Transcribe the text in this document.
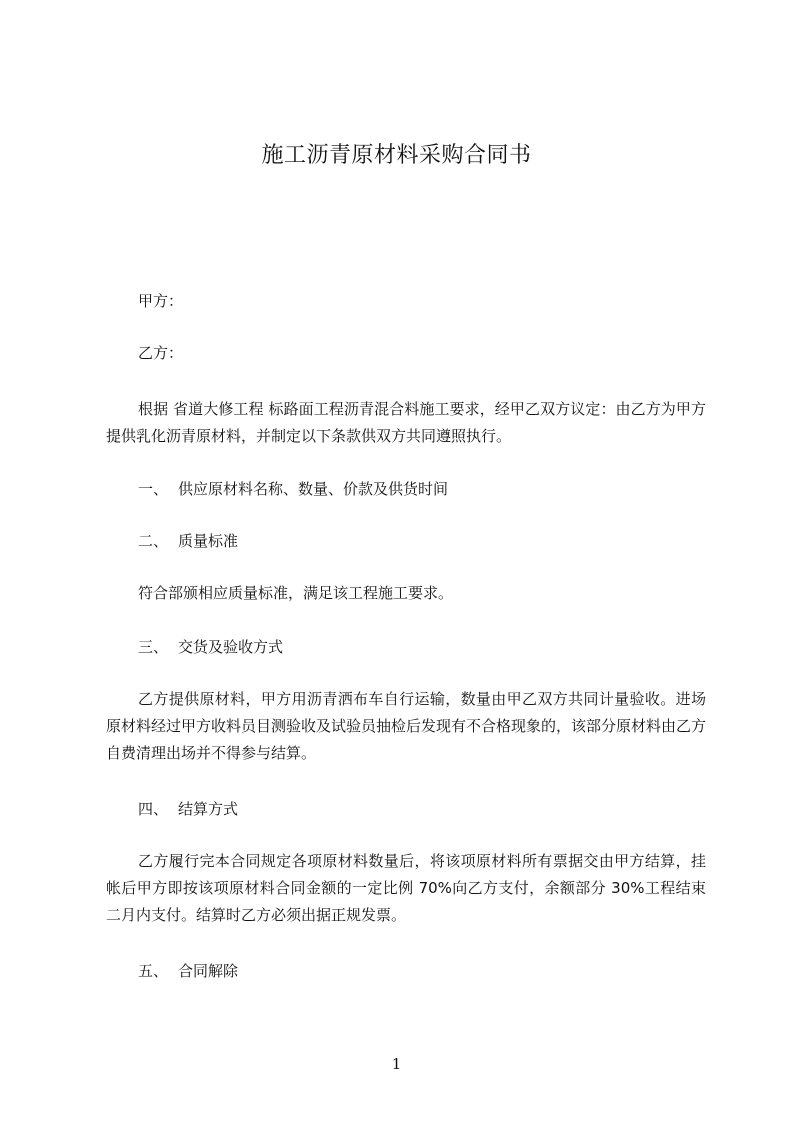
施工沥青原材料采购合同书
甲方：
乙方：
根据 省道大修工程 标路面工程沥青混合料施工要求，经甲乙双方议定：由乙方为甲方提供乳化沥青原材料，并制定以下条款供双方共同遵照执行。
一、 供应原材料名称、数量、价款及供货时间
二、 质量标准
符合部颁相应质量标准，满足该工程施工要求。
三、 交货及验收方式
乙方提供原材料，甲方用沥青洒布车自行运输，数量由甲乙双方共同计量验收。进场原材料经过甲方收料员目测验收及试验员抽检后发现有不合格现象的，该部分原材料由乙方自费清理出场并不得参与结算。
四、 结算方式
乙方履行完本合同规定各项原材料数量后，将该项原材料所有票据交由甲方结算，挂帐后甲方即按该项原材料合同金额的一定比例 70%向乙方支付，余额部分 30%工程结束二月内支付。结算时乙方必须出据正规发票。
五、 合同解除
1
